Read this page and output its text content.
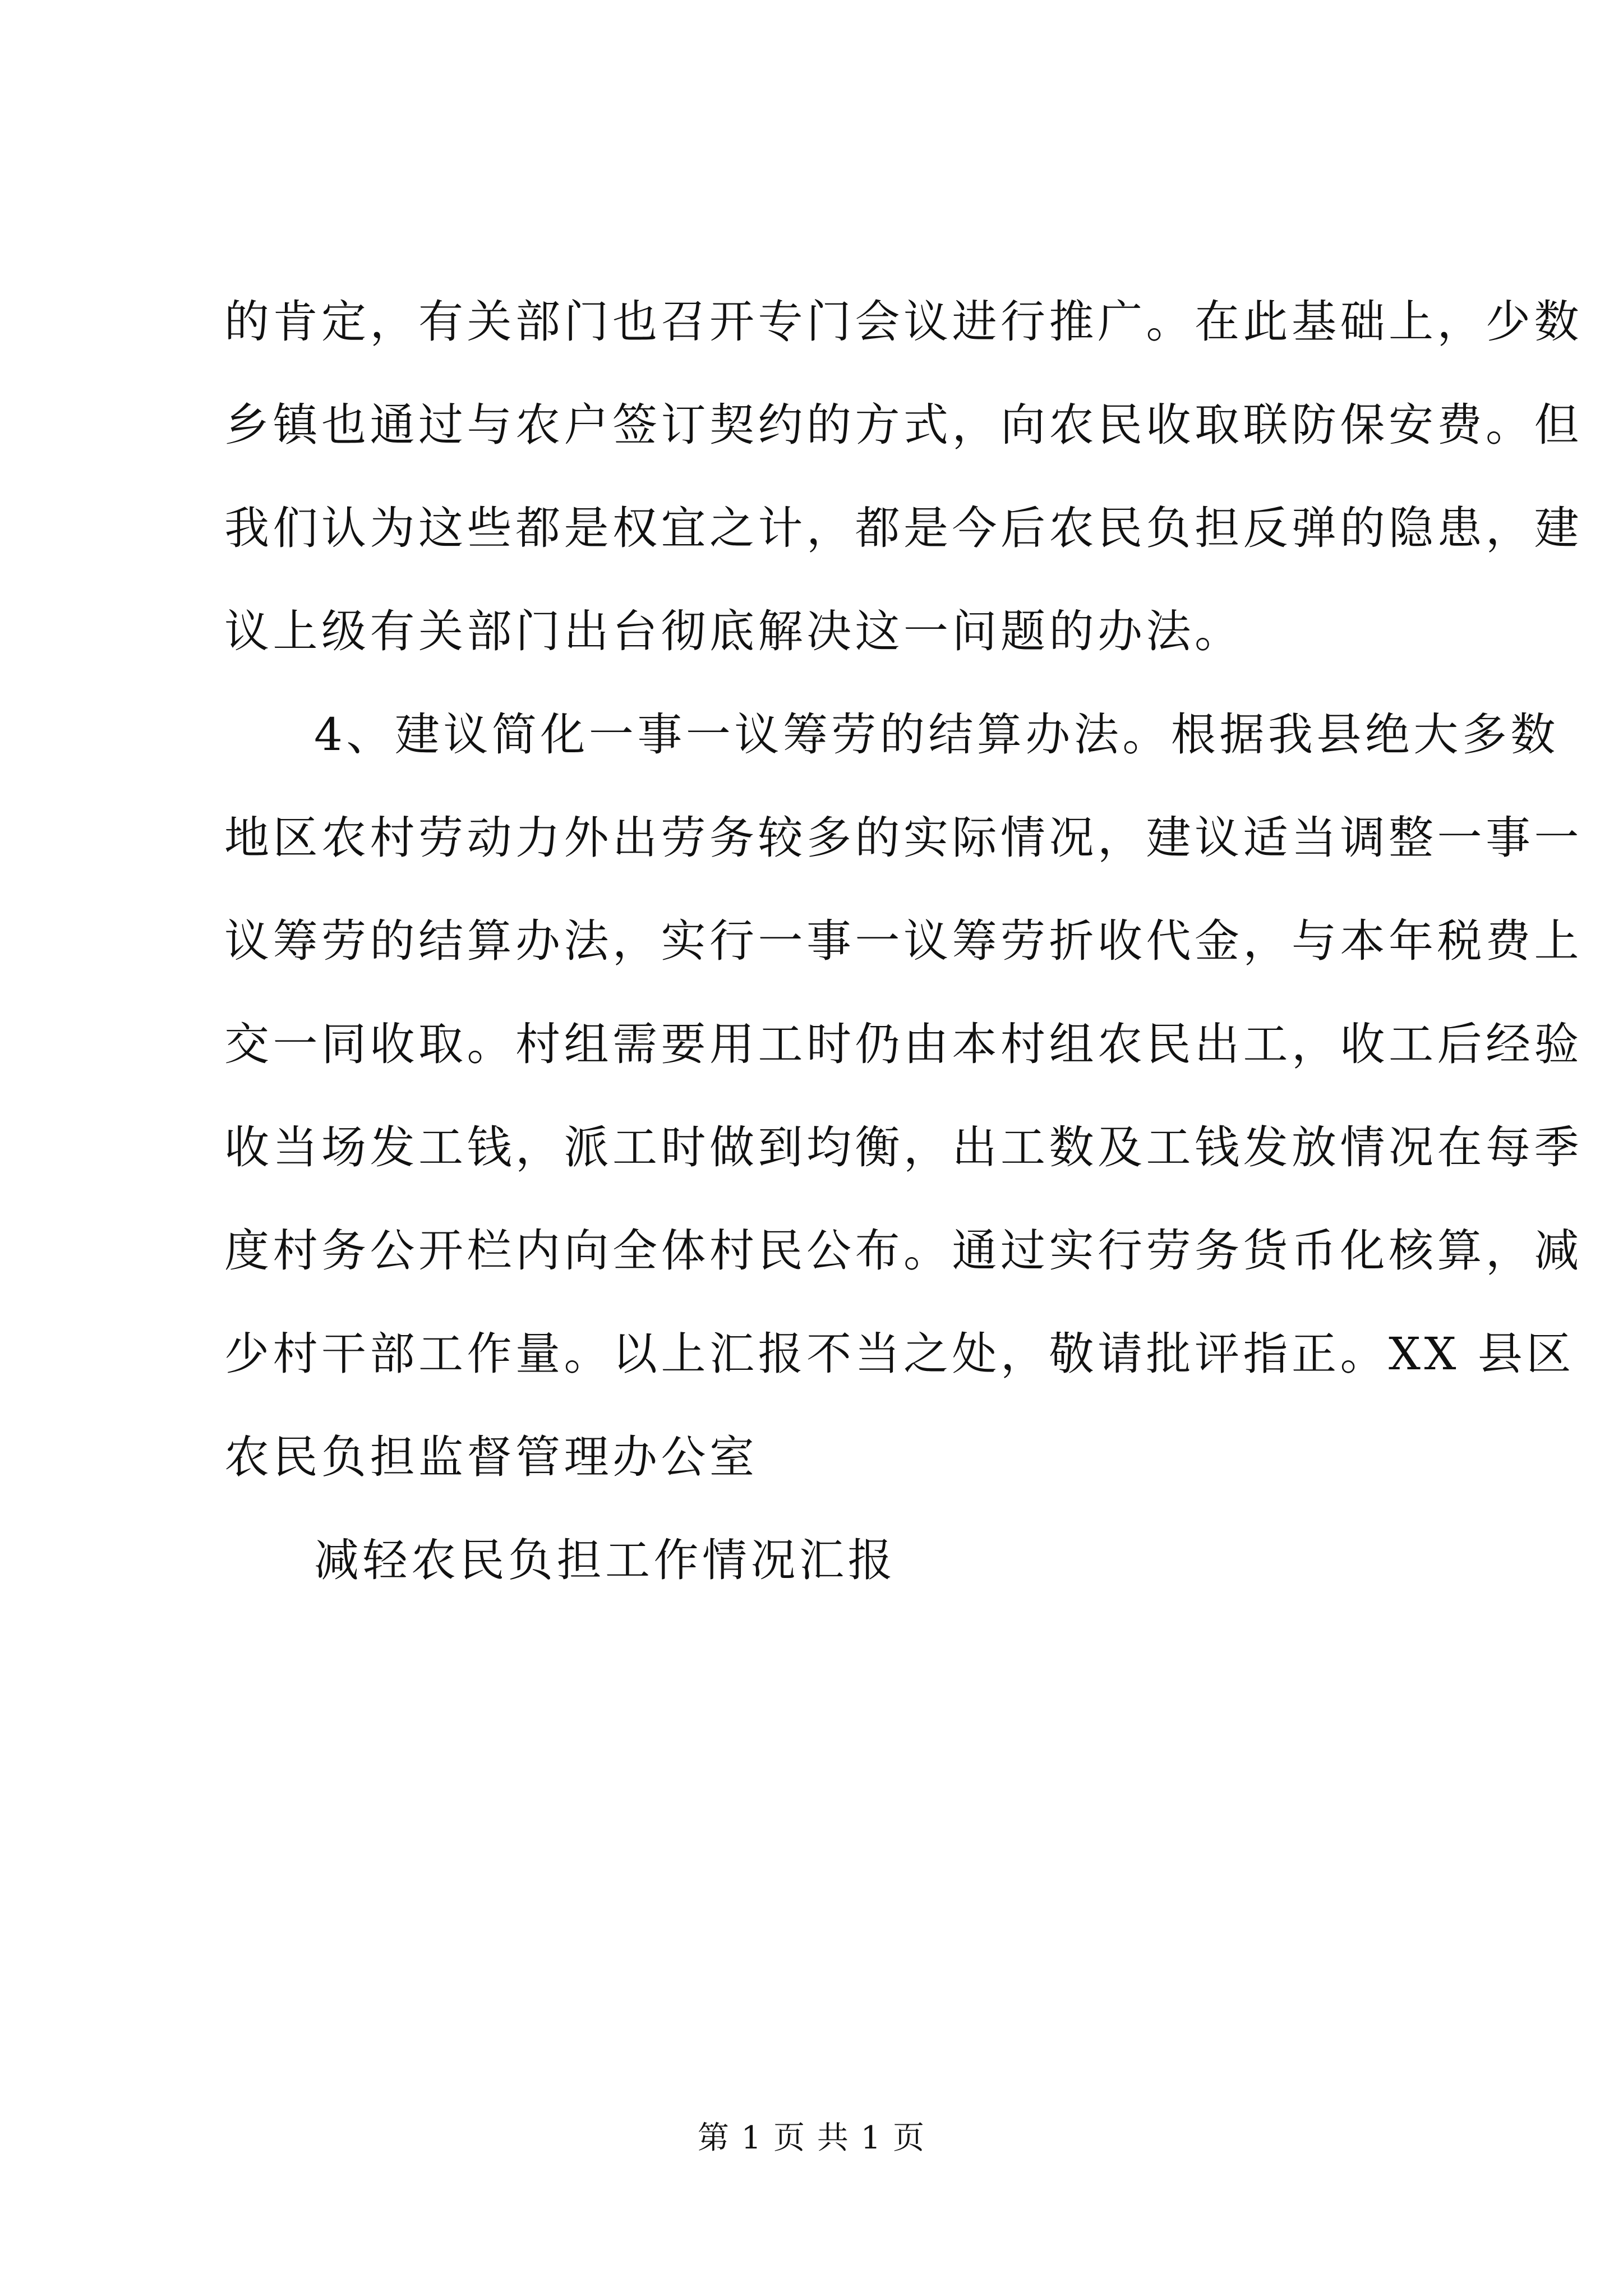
的肯定，有关部门也召开专门会议进行推广。在此基础上，少数
乡镇也通过与农户签订契约的方式，向农民收取联防保安费。但
我们认为这些都是权宜之计，都是今后农民负担反弹的隐患，建
议上级有关部门出台彻底解决这一问题的办法。
4、建议简化一事一议筹劳的结算办法。根据我县绝大多数
地区农村劳动力外出劳务较多的实际情况，建议适当调整一事一
议筹劳的结算办法，实行一事一议筹劳折收代金，与本年税费上
交一同收取。村组需要用工时仍由本村组农民出工，收工后经验
收当场发工钱，派工时做到均衡，出工数及工钱发放情况在每季
度村务公开栏内向全体村民公布。通过实行劳务货币化核算，减
少村干部工作量。以上汇报不当之处，敬请批评指正。XX 县区
农民负担监督管理办公室
减轻农民负担工作情况汇报
第 1 页 共 1 页
